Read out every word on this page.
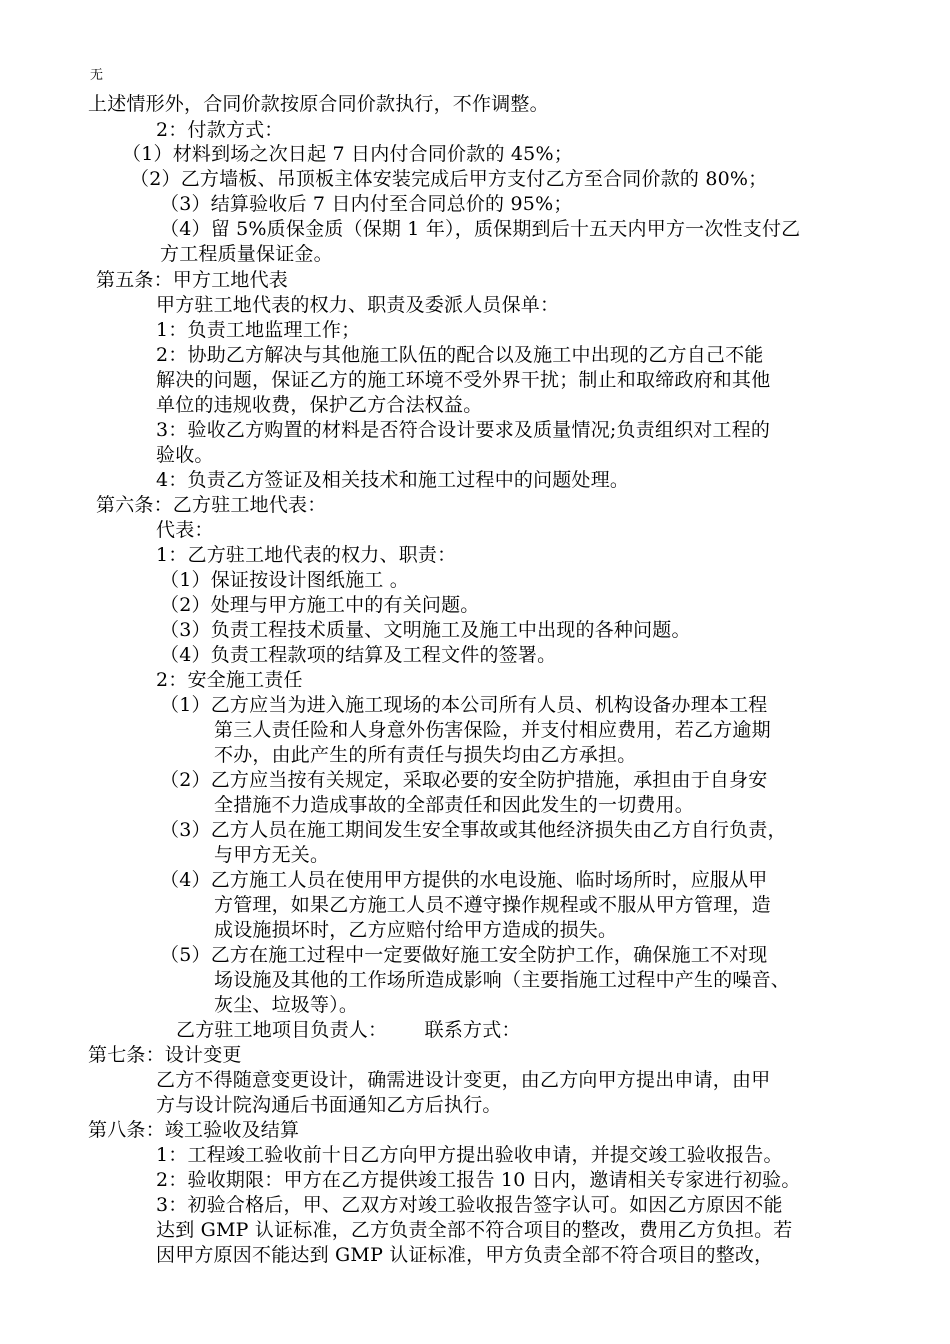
无
上述情形外，合同价款按原合同价款执行，不作调整。
2：付款方式：
（1）材料到场之次日起 7 日内付合同价款的 45%；
（2）乙方墙板、吊顶板主体安装完成后甲方支付乙方至合同价款的 80%；
（3）结算验收后 7 日内付至合同总价的 95%；
（4）留 5%质保金质（保期 1 年），质保期到后十五天内甲方一次性支付乙
方工程质量保证金。
第五条：甲方工地代表
甲方驻工地代表的权力、职责及委派人员保单：
1：负责工地监理工作；
2：协助乙方解决与其他施工队伍的配合以及施工中出现的乙方自己不能
解决的问题，保证乙方的施工环境不受外界干扰；制止和取缔政府和其他
单位的违规收费，保护乙方合法权益。
3：验收乙方购置的材料是否符合设计要求及质量情况;负责组织对工程的
验收。
4：负责乙方签证及相关技术和施工过程中的问题处理。
第六条：乙方驻工地代表：
代表：
1：乙方驻工地代表的权力、职责：
（1）保证按设计图纸施工 。
（2）处理与甲方施工中的有关问题。
（3）负责工程技术质量、文明施工及施工中出现的各种问题。
（4）负责工程款项的结算及工程文件的签署。
2：安全施工责任
（1）乙方应当为进入施工现场的本公司所有人员、机构设备办理本工程
第三人责任险和人身意外伤害保险，并支付相应费用，若乙方逾期
不办，由此产生的所有责任与损失均由乙方承担。
（2）乙方应当按有关规定，采取必要的安全防护措施，承担由于自身安
全措施不力造成事故的全部责任和因此发生的一切费用。
（3）乙方人员在施工期间发生安全事故或其他经济损失由乙方自行负责，
与甲方无关。
（4）乙方施工人员在使用甲方提供的水电设施、临时场所时，应服从甲
方管理，如果乙方施工人员不遵守操作规程或不服从甲方管理，造
成设施损坏时，乙方应赔付给甲方造成的损失。
（5）乙方在施工过程中一定要做好施工安全防护工作，确保施工不对现
场设施及其他的工作场所造成影响（主要指施工过程中产生的噪音、
灰尘、垃圾等）。
乙方驻工地项目负责人：      联系方式：
第七条：设计变更
乙方不得随意变更设计，确需进设计变更，由乙方向甲方提出申请，由甲
方与设计院沟通后书面通知乙方后执行。
第八条：竣工验收及结算
1：工程竣工验收前十日乙方向甲方提出验收申请，并提交竣工验收报告。
2：验收期限：甲方在乙方提供竣工报告 10 日内，邀请相关专家进行初验。
3：初验合格后，甲、乙双方对竣工验收报告签字认可。如因乙方原因不能
达到 GMP 认证标准，乙方负责全部不符合项目的整改，费用乙方负担。若
因甲方原因不能达到 GMP 认证标准，甲方负责全部不符合项目的整改，
